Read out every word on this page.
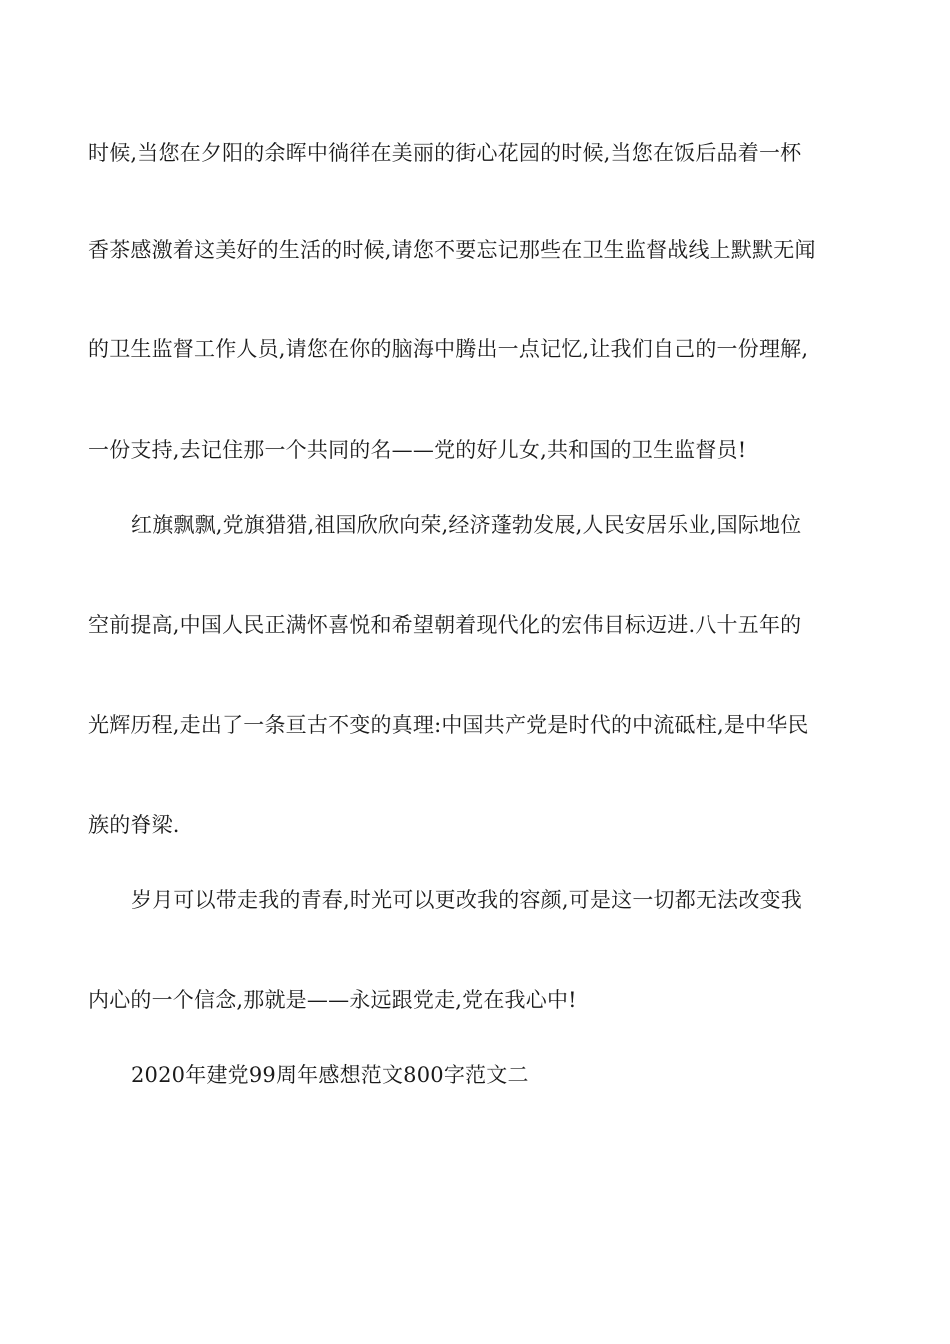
时候,当您在夕阳的余晖中徜徉在美丽的街心花园的时候,当您在饭后品着一杯
香茶感激着这美好的生活的时候,请您不要忘记那些在卫生监督战线上默默无闻
的卫生监督工作人员,请您在你的脑海中腾出一点记忆,让我们自己的一份理解,
一份支持,去记住那一个共同的名——党的好儿女,共和国的卫生监督员!
红旗飘飘,党旗猎猎,祖国欣欣向荣,经济蓬勃发展,人民安居乐业,国际地位
空前提高,中国人民正满怀喜悦和希望朝着现代化的宏伟目标迈进.八十五年的
光辉历程,走出了一条亘古不变的真理:中国共产党是时代的中流砥柱,是中华民
族的脊梁.
岁月可以带走我的青春,时光可以更改我的容颜,可是这一切都无法改变我
内心的一个信念,那就是——永远跟党走,党在我心中!
2020年建党99周年感想范文800字范文二
